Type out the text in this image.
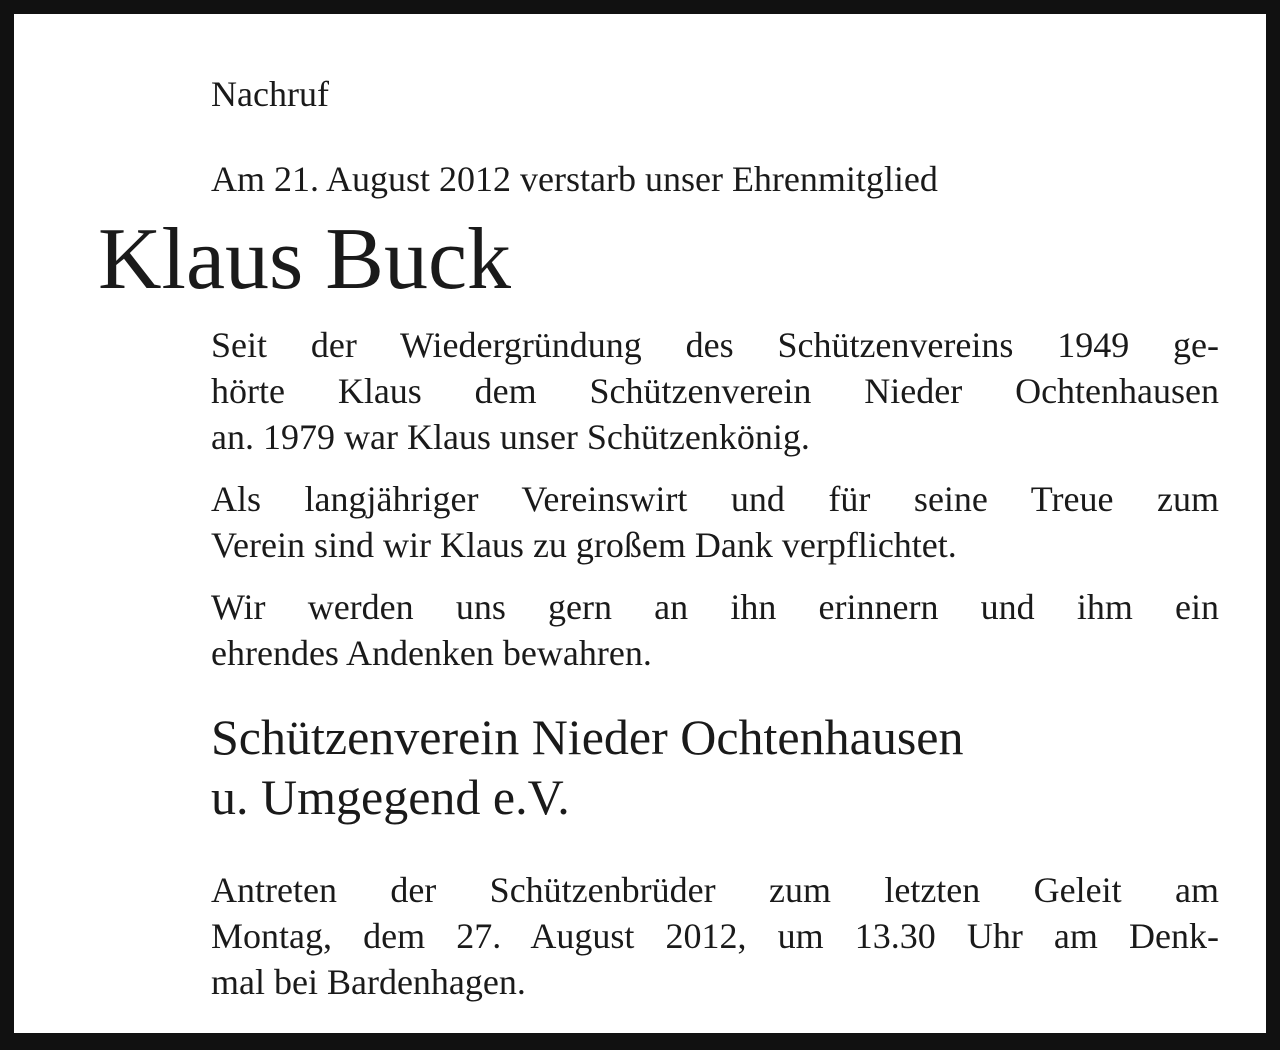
Nachruf
Am 21. August 2012 verstarb unser Ehrenmitglied
Klaus Buck
Seit der Wiedergründung des Schützenvereins 1949 ge-
hörte Klaus dem Schützenverein Nieder Ochtenhausen
an. 1979 war Klaus unser Schützenkönig.
Als langjähriger Vereinswirt und für seine Treue zum
Verein sind wir Klaus zu großem Dank verpflichtet.
Wir werden uns gern an ihn erinnern und ihm ein
ehrendes Andenken bewahren.
Schützenverein Nieder Ochtenhausen
u. Umgegend e.V.
Antreten der Schützenbrüder zum letzten Geleit am
Montag, dem 27. August 2012, um 13.30 Uhr am Denk-
mal bei Bardenhagen.
